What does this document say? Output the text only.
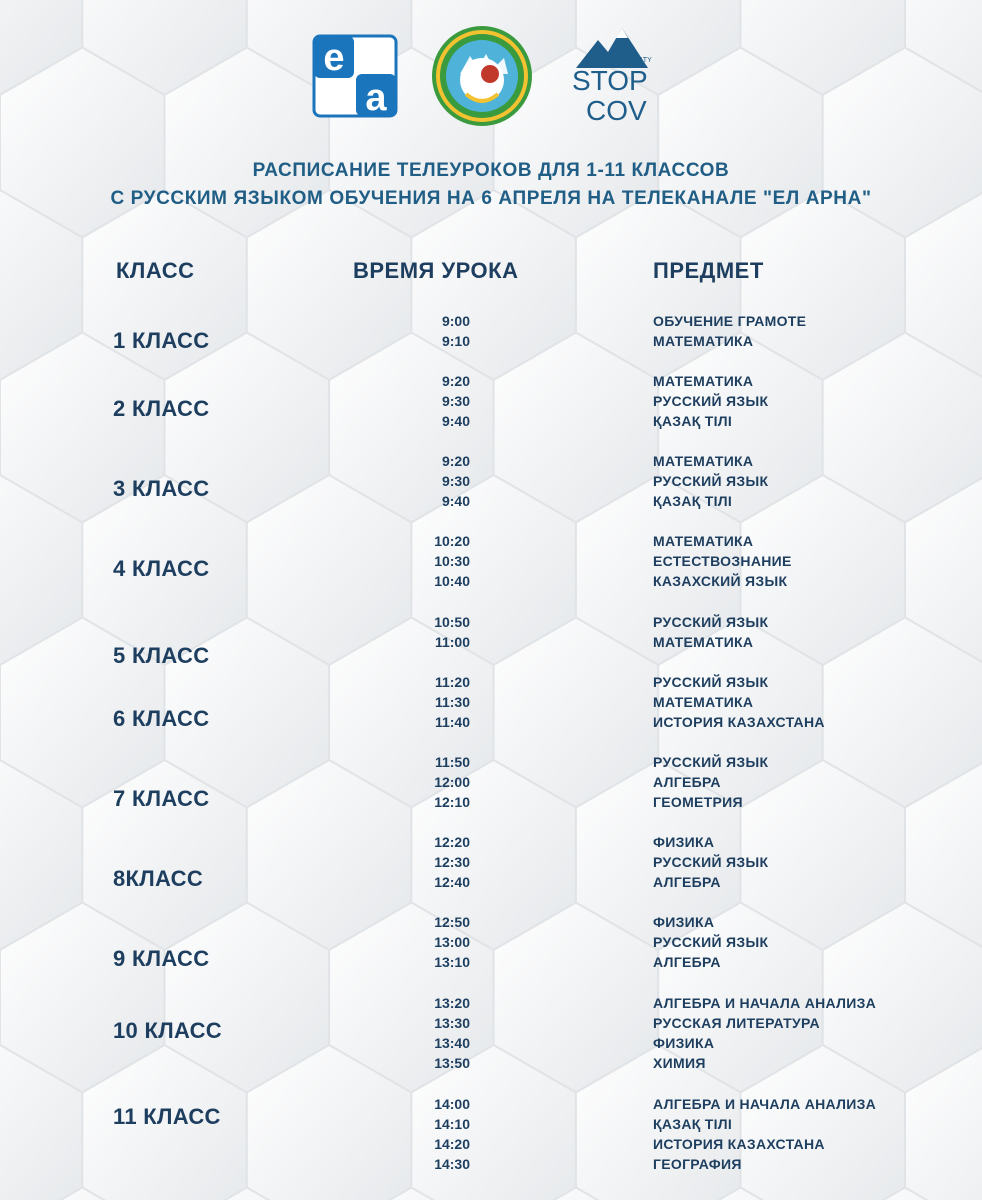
e
a
ALMATY
STOP
COV
РАСПИСАНИЕ ТЕЛЕУРОКОВ ДЛЯ 1-11 КЛАССОВ
С РУССКИМ ЯЗЫКОМ ОБУЧЕНИЯ НА 6 АПРЕЛЯ НА ТЕЛЕКАНАЛЕ "ЕЛ АРНА"
КЛАСС	ВРЕМЯ УРОКА	ПРЕДМЕТ
1 КЛАСС
9:00	ОБУЧЕНИЕ ГРАМОТЕ
9:10	МАТЕМАТИКА
2 КЛАСС
9:20	МАТЕМАТИКА
9:30	РУССКИЙ ЯЗЫК
9:40	ҚАЗАҚ ТІЛІ
3 КЛАСС
9:20	МАТЕМАТИКА
9:30	РУССКИЙ ЯЗЫК
9:40	ҚАЗАҚ ТІЛІ
4 КЛАСС
10:20	МАТЕМАТИКА
10:30	ЕСТЕСТВОЗНАНИЕ
10:40	КАЗАХСКИЙ ЯЗЫК
5 КЛАСС
10:50	РУССКИЙ ЯЗЫК
11:00	МАТЕМАТИКА
6 КЛАСС
11:20	РУССКИЙ ЯЗЫК
11:30	МАТЕМАТИКА
11:40	ИСТОРИЯ КАЗАХСТАНА
7 КЛАСС
11:50	РУССКИЙ ЯЗЫК
12:00	АЛГЕБРА
12:10	ГЕОМЕТРИЯ
8КЛАСС
12:20	ФИЗИКА
12:30	РУССКИЙ ЯЗЫК
12:40	АЛГЕБРА
9 КЛАСС
12:50	ФИЗИКА
13:00	РУССКИЙ ЯЗЫК
13:10	АЛГЕБРА
10 КЛАСС
13:20	АЛГЕБРА И НАЧАЛА АНАЛИЗА
13:30	РУССКАЯ ЛИТЕРАТУРА
13:40	ФИЗИКА
13:50	ХИМИЯ
11 КЛАСС	14:00	АЛГЕБРА И НАЧАЛА АНАЛИЗА
14:10	ҚАЗАҚ ТІЛІ
14:20	ИСТОРИЯ КАЗАХСТАНА
14:30	ГЕОГРАФИЯ
